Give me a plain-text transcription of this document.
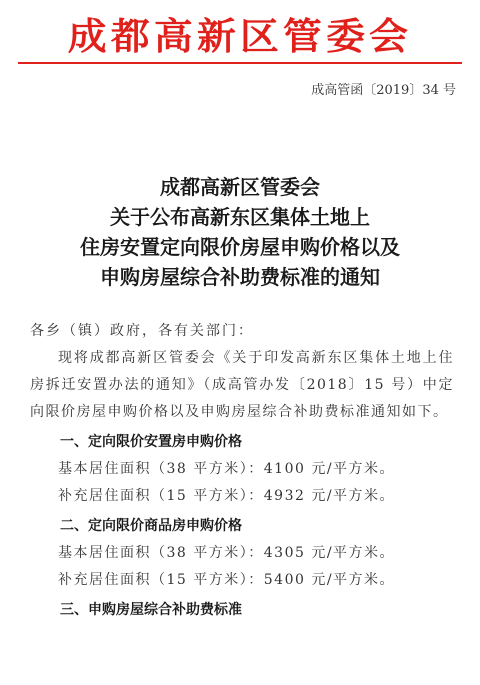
成都高新区管委会
成高管函〔2019〕34 号
成都高新区管委会
关于公布高新东区集体土地上
住房安置定向限价房屋申购价格以及
申购房屋综合补助费标准的通知
各乡（镇）政府，各有关部门：
现将成都高新区管委会《关于印发高新东区集体土地上住房拆迁安置办法的通知》（成高管办发〔2018〕15 号）中定向限价房屋申购价格以及申购房屋综合补助费标准通知如下。
一、定向限价安置房申购价格
基本居住面积（38 平方米）：4100 元/平方米。
补充居住面积（15 平方米）：4932 元/平方米。
二、定向限价商品房申购价格
基本居住面积（38 平方米）：4305 元/平方米。
补充居住面积（15 平方米）：5400 元/平方米。
三、申购房屋综合补助费标准
